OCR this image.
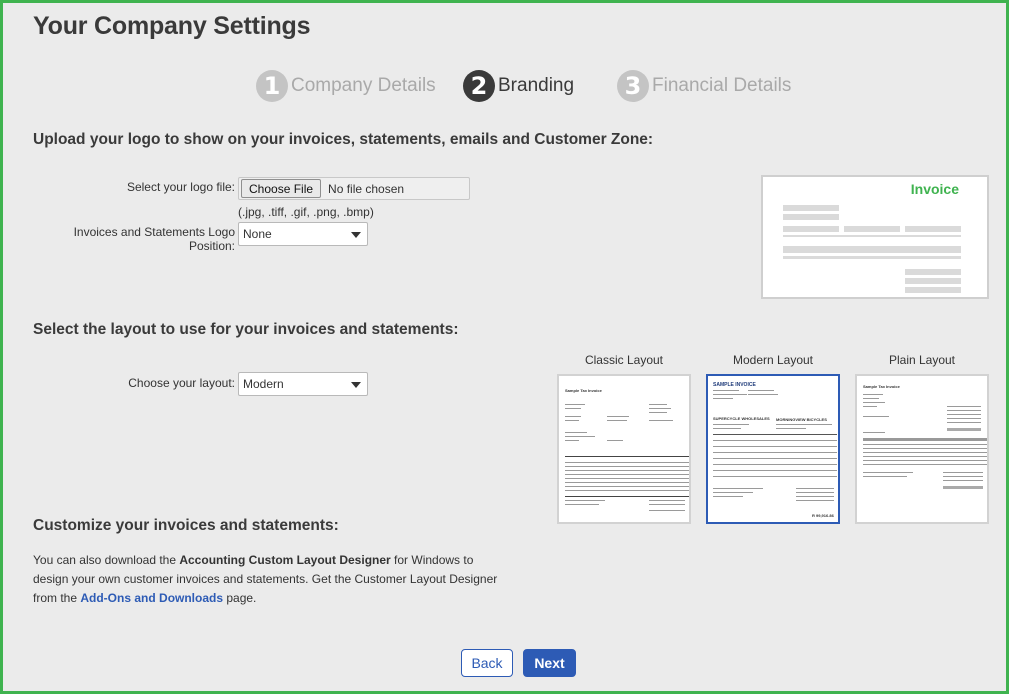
Your Company Settings
1 Company Details	2 Branding	3 Financial Details
Upload your logo to show on your invoices, statements, emails and Customer Zone:
Select your logo file:	Choose File	No file chosen
(.jpg, .tiff, .gif, .png, .bmp)
Invoices and Statements Logo Position:
None
Invoice
Select the layout to use for your invoices and statements:
Choose your layout: Modern
Classic Layout	Modern Layout	Plain Layout
Sample Tax Invoice
SAMPLE INVOICE
SUPERCYCLE WHOLESALES MORNINGVIEW BICYCLES
R 99,916.86
Sample Tax Invoice
Customize your invoices and statements:
You can also download the Accounting Custom Layout Designer for Windows to design your own customer invoices and statements. Get the Customer Layout Designer from the Add-Ons and Downloads page.
Back	Next
